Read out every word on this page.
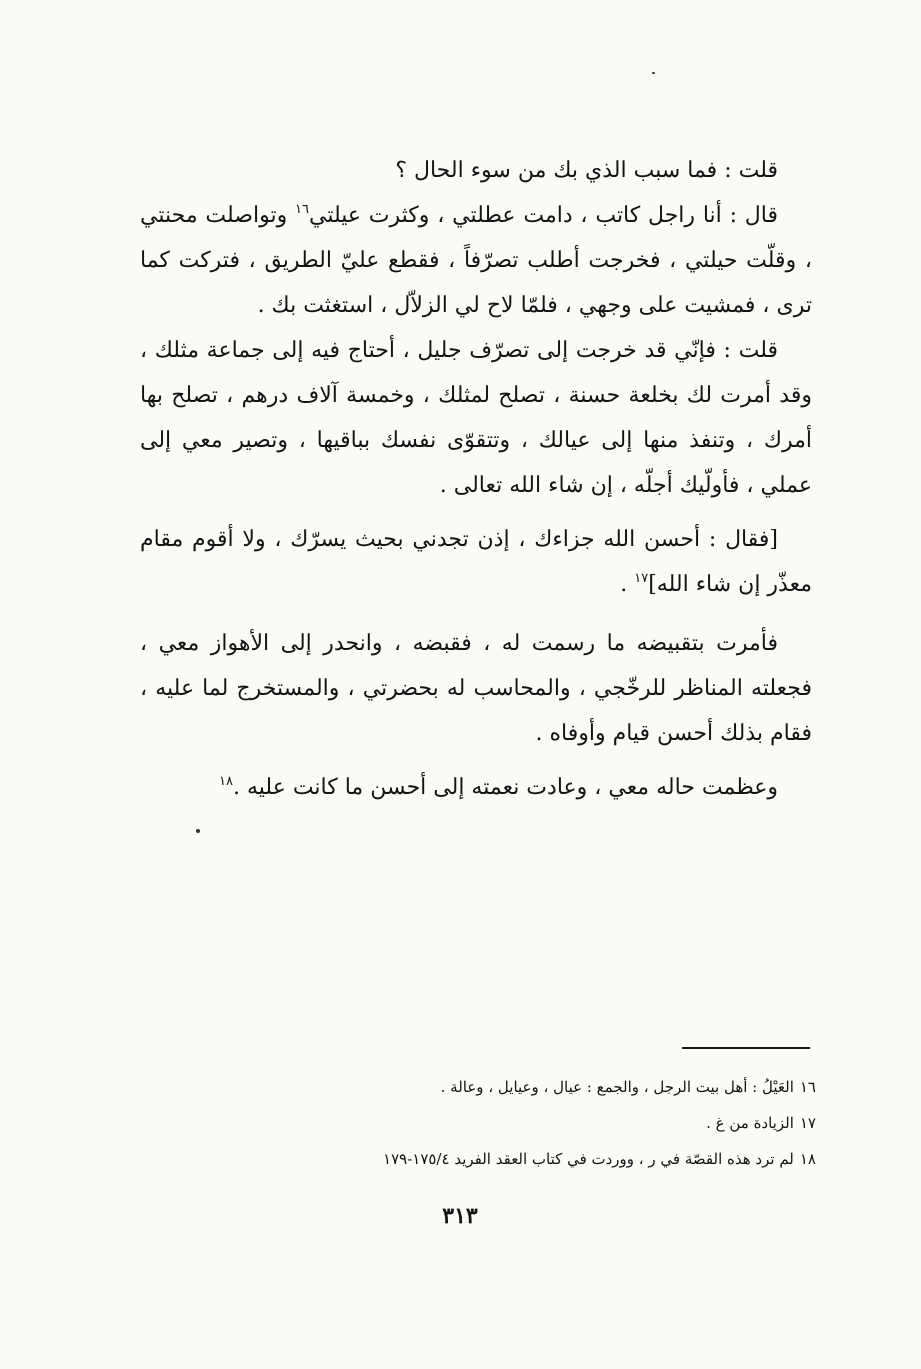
قلت : فما سبب الذي بك من سوء الحال ؟

قال : أنا راجل كاتب ، دامت عطلتي ، وكثرت عيلتي$^{١٦}$ وتواصلت محنتي ، وقلّت حيلتي ، فخرجت أطلب تصرّفاً ، فقطع عليّ الطريق ، فتركت كما ترى ، فمشيت على وجهي ، فلمّا لاح لي الزلاّل ، استغثت بك .

قلت : فإنّي قد خرجت إلى تصرّف جليل ، أحتاج فيه إلى جماعة مثلك ، وقد أمرت لك بخلعة حسنة ، تصلح لمثلك ، وخمسة آلاف درهم ، تصلح بها أمرك ، وتنفذ منها إلى عيالك ، وتتقوّى نفسك بباقيها ، وتصير معي إلى عملي ، فأولّيك أجلّه ، إن شاء الله تعالى .

[فقال : أحسن الله جزاءك ، إذن تجدني بحيث يسرّك ، ولا أقوم مقام معذّر إن شاء الله]$^{١٧}$ .

فأمرت بتقبيضه ما رسمت له ، فقبضه ، وانحدر إلى الأهواز معي ، فجعلته المناظر للرخّجي ، والمحاسب له بحضرتي ، والمستخرج لما عليه ، فقام بذلك أحسن قيام وأوفاه .

وعظمت حاله معي ، وعادت نعمته إلى أحسن ما كانت عليه .$^{١٨}$

١٦العَيْلُ : أهل بيت الرجل ، والجمع : عيال ، وعيايل ، وعالة .

١٧الزيادة من غ .

١٨لم ترد هذه القصّة في ر ، ووردت في كتاب العقد الفريد ١٧٥/٤-١٧٩

٣١٣
